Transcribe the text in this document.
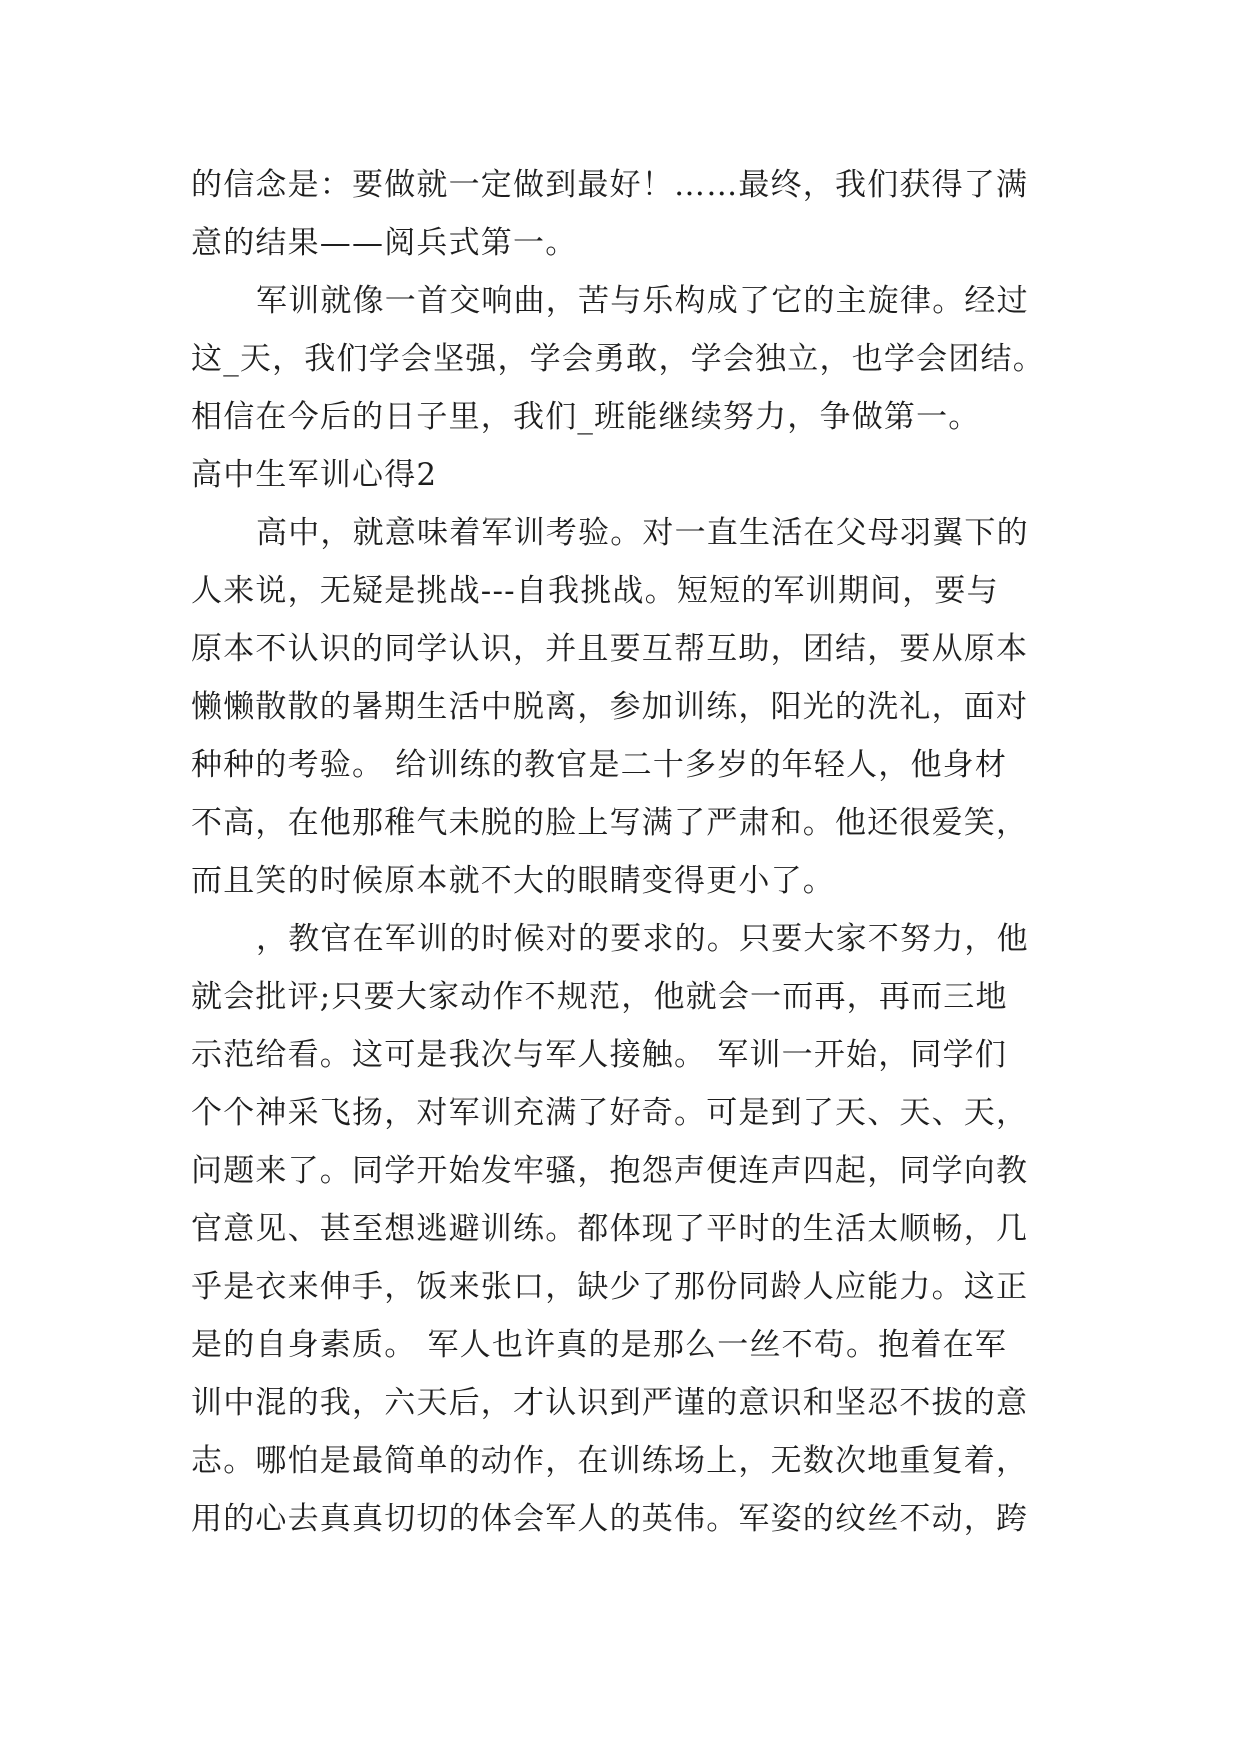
的信念是：要做就一定做到最好！……最终，我们获得了满
意的结果——阅兵式第一。
军训就像一首交响曲，苦与乐构成了它的主旋律。经过
这_天，我们学会坚强，学会勇敢，学会独立，也学会团结。
相信在今后的日子里，我们_班能继续努力，争做第一。
高中生军训心得2
高中，就意味着军训考验。对一直生活在父母羽翼下的
人来说，无疑是挑战---自我挑战。短短的军训期间，要与
原本不认识的同学认识，并且要互帮互助，团结，要从原本
懒懒散散的暑期生活中脱离，参加训练，阳光的洗礼，面对
种种的考验。 给训练的教官是二十多岁的年轻人，他身材
不高，在他那稚气未脱的脸上写满了严肃和。他还很爱笑，
而且笑的时候原本就不大的眼睛变得更小了。
，教官在军训的时候对的要求的。只要大家不努力，他
就会批评;只要大家动作不规范，他就会一而再，再而三地
示范给看。这可是我次与军人接触。 军训一开始，同学们
个个神采飞扬，对军训充满了好奇。可是到了天、天、天，
问题来了。同学开始发牢骚，抱怨声便连声四起，同学向教
官意见、甚至想逃避训练。都体现了平时的生活太顺畅，几
乎是衣来伸手，饭来张口，缺少了那份同龄人应能力。这正
是的自身素质。 军人也许真的是那么一丝不苟。抱着在军
训中混的我，六天后，才认识到严谨的意识和坚忍不拔的意
志。哪怕是最简单的动作，在训练场上，无数次地重复着，
用的心去真真切切的体会军人的英伟。军姿的纹丝不动，跨
